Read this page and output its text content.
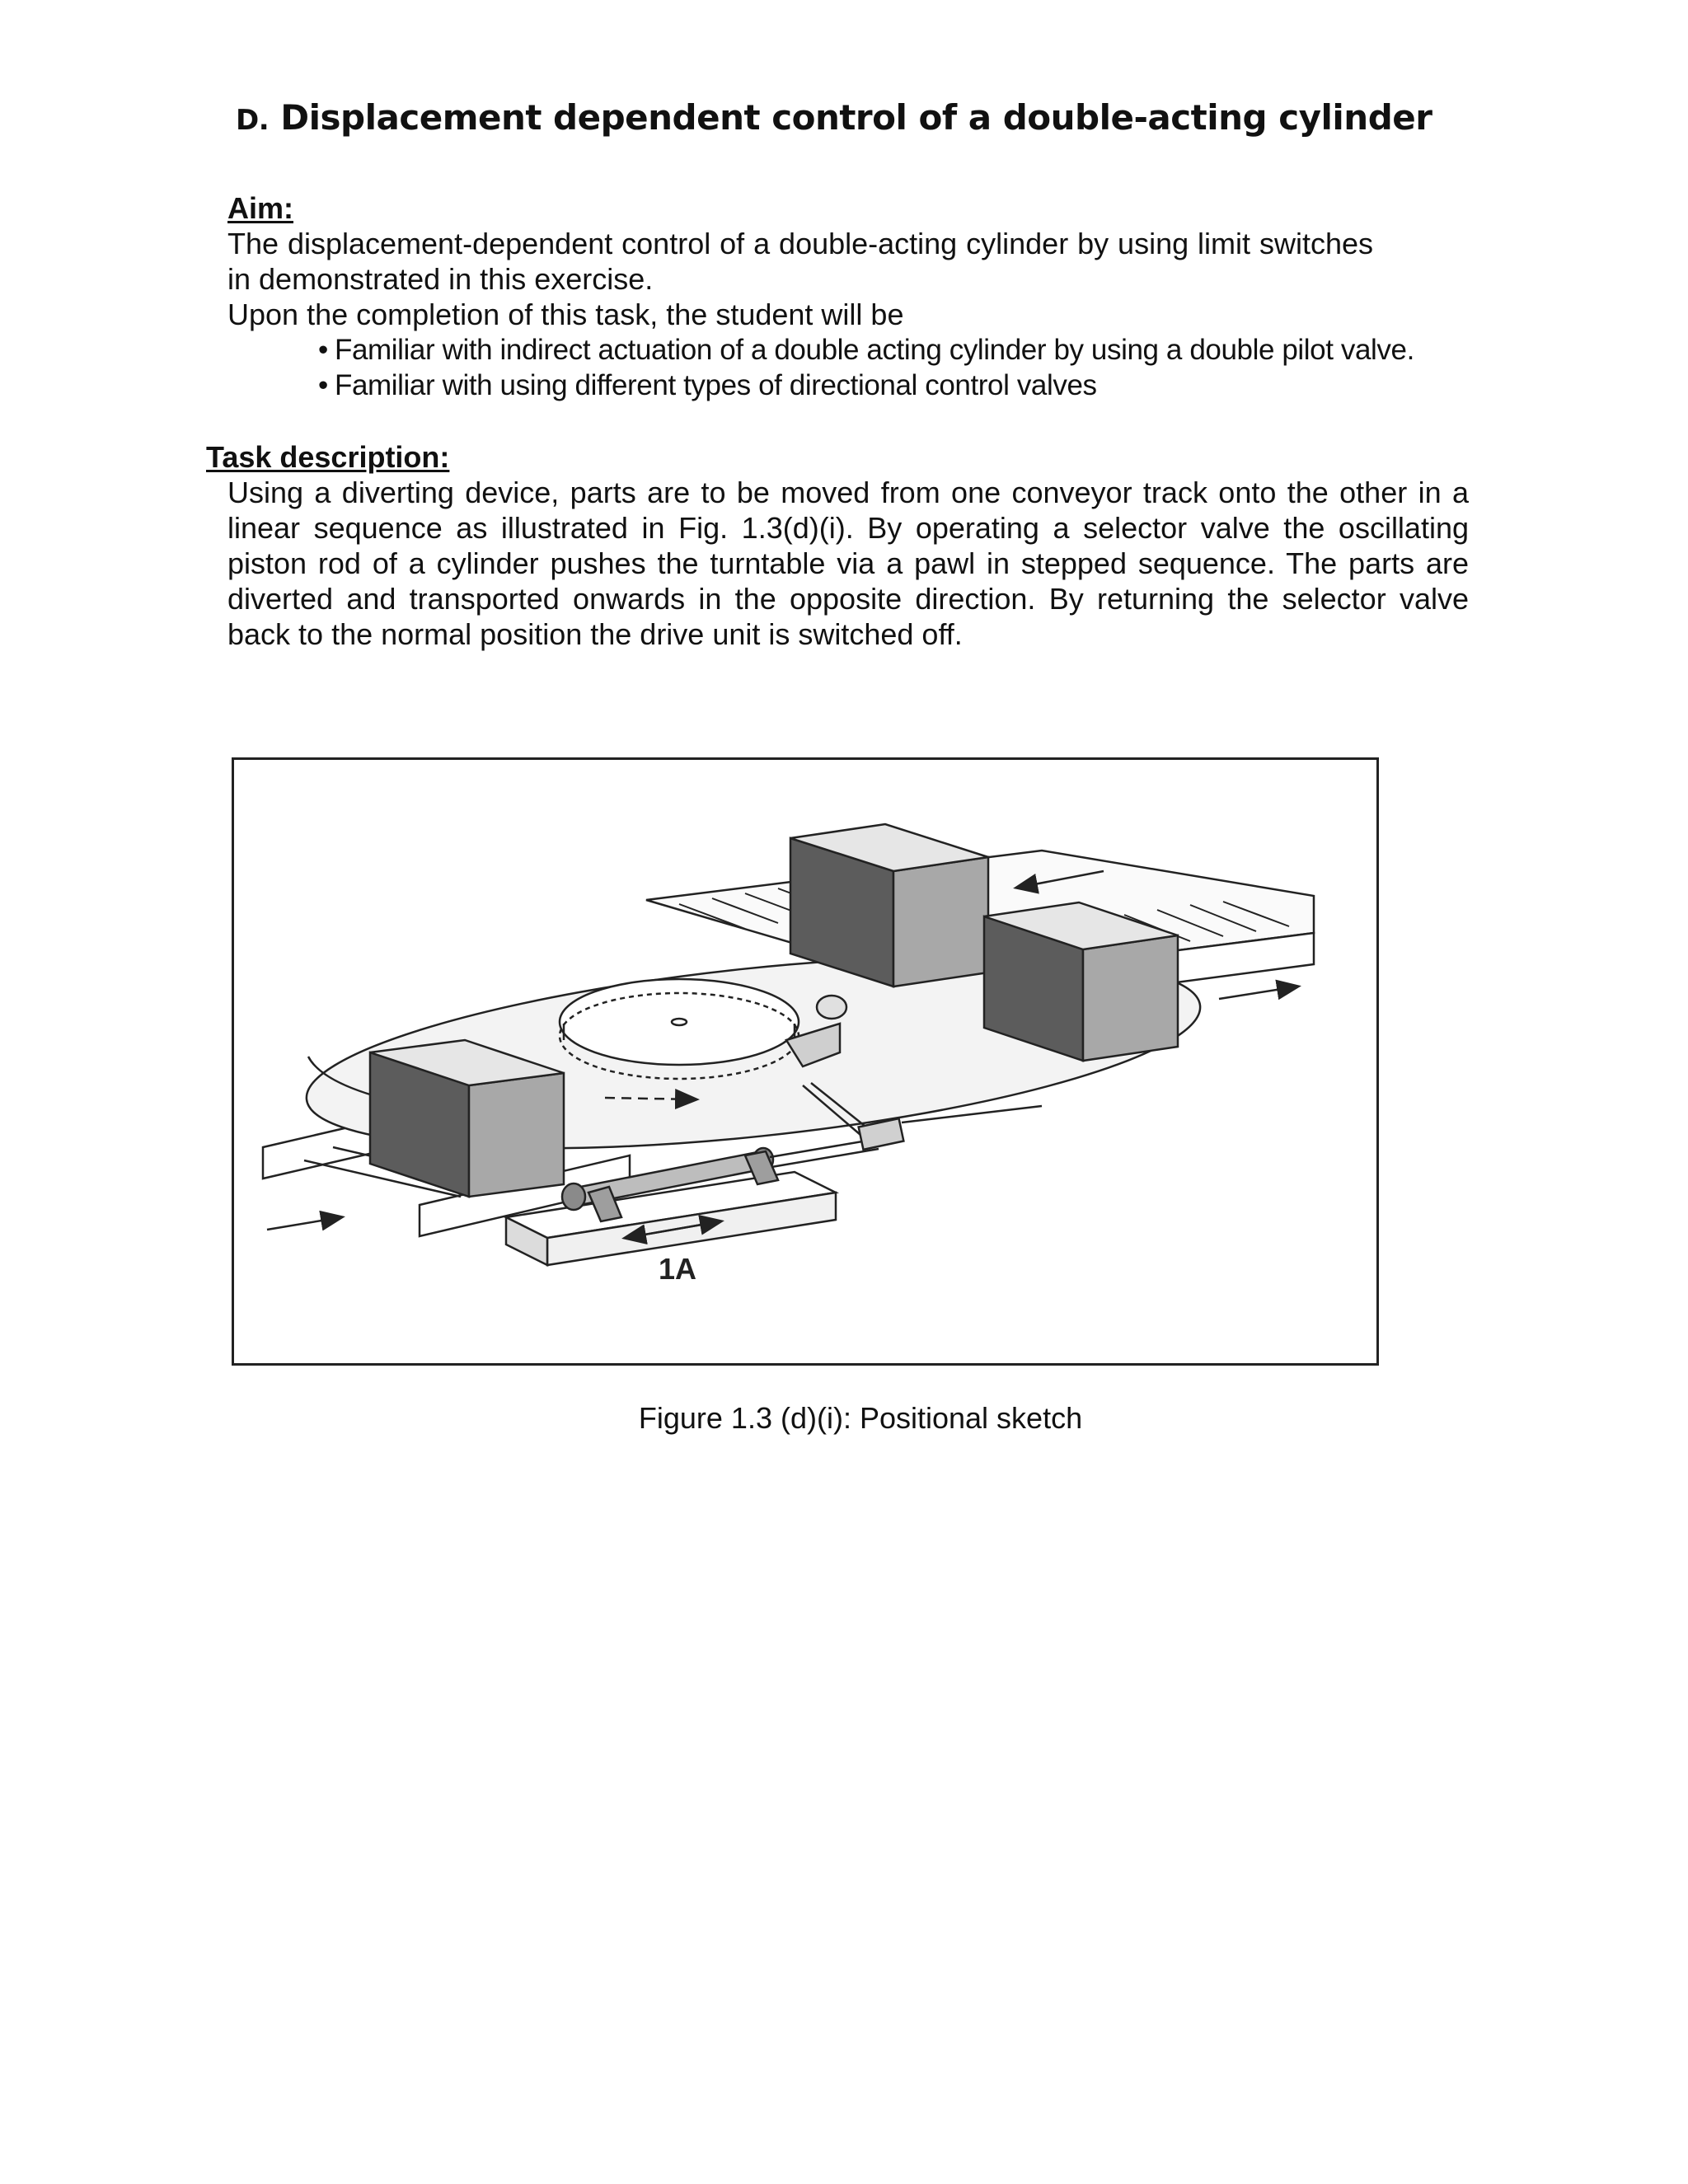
D. Displacement dependent control of a double-acting cylinder
Aim:

The displacement-dependent control of a double-acting cylinder by using limit switches in demonstrated in this exercise.

Upon the completion of this task, the student will be

• Familiar with indirect actuation of a double acting cylinder by using a double pilot valve.
• Familiar with using different types of directional control valves
Task description:

Using a diverting device, parts are to be moved from one conveyor track onto the other in a linear sequence as illustrated in Fig. 1.3(d)(i). By operating a selector valve the oscillating piston rod of a cylinder pushes the turntable via a pawl in stepped sequence. The parts are diverted and transported onwards in the opposite direction. By returning the selector valve back to the normal position the drive unit is switched off.

1A

Figure 1.3 (d)(i): Positional sketch
